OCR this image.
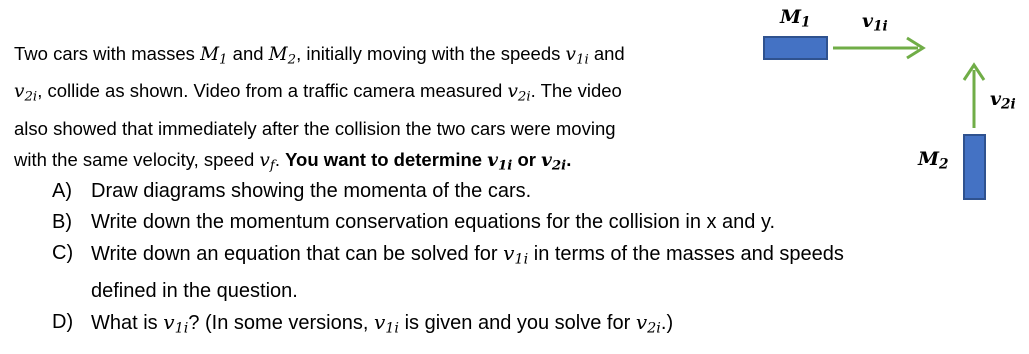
Two cars with masses $M_1$ and $M_2$, initially moving with the speeds $v_{1i}$ and
$v_{2i}$, collide as shown. Video from a traffic camera measured $v_{2i}$. The video
also showed that immediately after the collision the two cars were moving
with the same velocity, speed $v_f$. You want to determine $v_{1i}$ or $v_{2i}$.
A) Draw diagrams showing the momenta of the cars.
B) Write down the momentum conservation equations for the collision in x and y.
C) Write down an equation that can be solved for $v_{1i}$ in terms of the masses and speeds
defined in the question.
D) What is $v_{1i}$? (In some versions, $v_{1i}$ is given and you solve for $v_{2i}$.)
$M_1$	$v_{1i}$
$v_{2i}$
$M_2$
